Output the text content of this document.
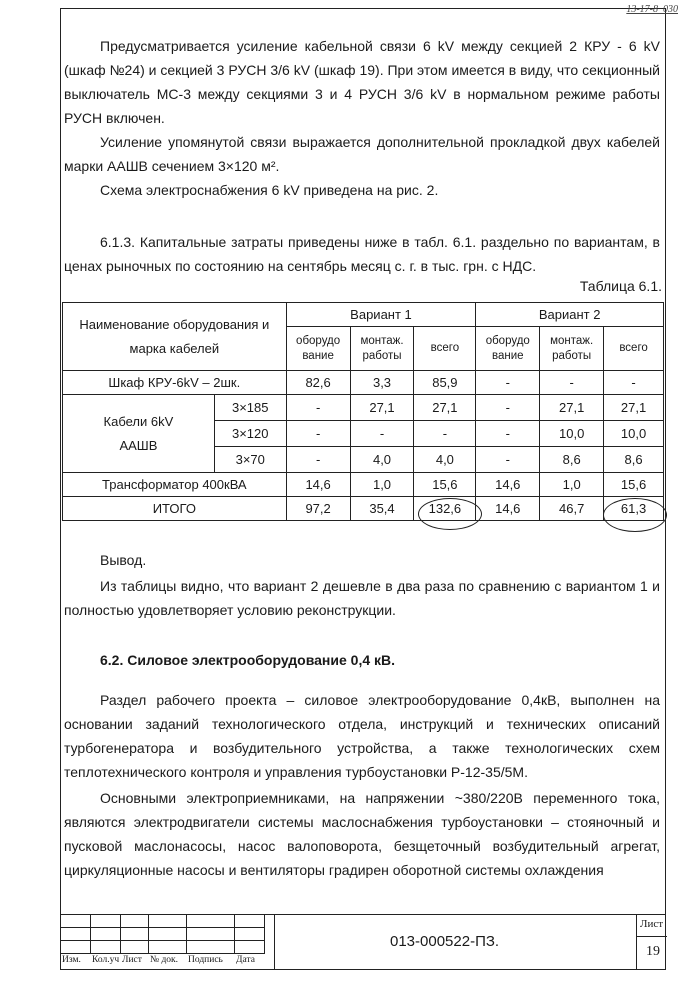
13-17-8_030
Предусматривается усиление кабельной связи 6 kV между секцией 2 КРУ - 6 kV (шкаф №24) и секцией 3 РУСН 3/6 kV (шкаф 19). При этом имеется в виду, что секционный выключатель МС-3 между секциями 3 и 4 РУСН 3/6 kV в нормальном режиме работы РУСН включен.
Усиление упомянутой связи выражается дополнительной прокладкой двух кабелей марки ААШВ сечением 3×120 м².
Схема электроснабжения 6 kV приведена на рис. 2.
6.1.3. Капитальные затраты приведены ниже в табл. 6.1. раздельно по вариантам, в ценах рыночных по состоянию на сентябрь месяц с. г. в тыс. грн. с НДС.
Таблица 6.1.
Наименование оборудования и марка кабелей		Вариант 1			Вариант 2		
		оборудо вание	монтаж. работы	всего	оборудо вание	монтаж. работы	всего
Шкаф КРУ-6kV – 2шк.		82,6	3,3	85,9	-	-	-
Кабели 6kV ААШВ	3×185	-	27,1	27,1	-	27,1	27,1
	3×120	-	-	-	-	10,0	10,0
	3×70	-	4,0	4,0	-	8,6	8,6
Трансформатор 400кВА		14,6	1,0	15,6	14,6	1,0	15,6
ИТОГО		97,2	35,4	132,6	14,6	46,7	61,3
Вывод.
Из таблицы видно, что вариант 2 дешевле в два раза по сравнению с вариантом 1 и полностью удовлетворяет условию реконструкции.
6.2. Силовое электрооборудование 0,4 кВ.
Раздел рабочего проекта – силовое электрооборудование 0,4кВ, выполнен на основании заданий технологического отдела, инструкций и технических описаний турбогенератора и возбудительного устройства, а также технологических схем теплотехнического контроля и управления турбоустановки Р-12-35/5М.
Основными электроприемниками, на напряжении ~380/220В переменного тока, являются электродвигатели системы маслоснабжения турбоустановки – стояночный и пусковой маслонасосы, насос валоповорота, безщеточный возбудительный агрегат, циркуляционные насосы и вентиляторы градирен оборотной системы охлаждения

Изм. Кол.уч Лист № док. Подпись Дата
013-000522-ПЗ.
Лист
19
